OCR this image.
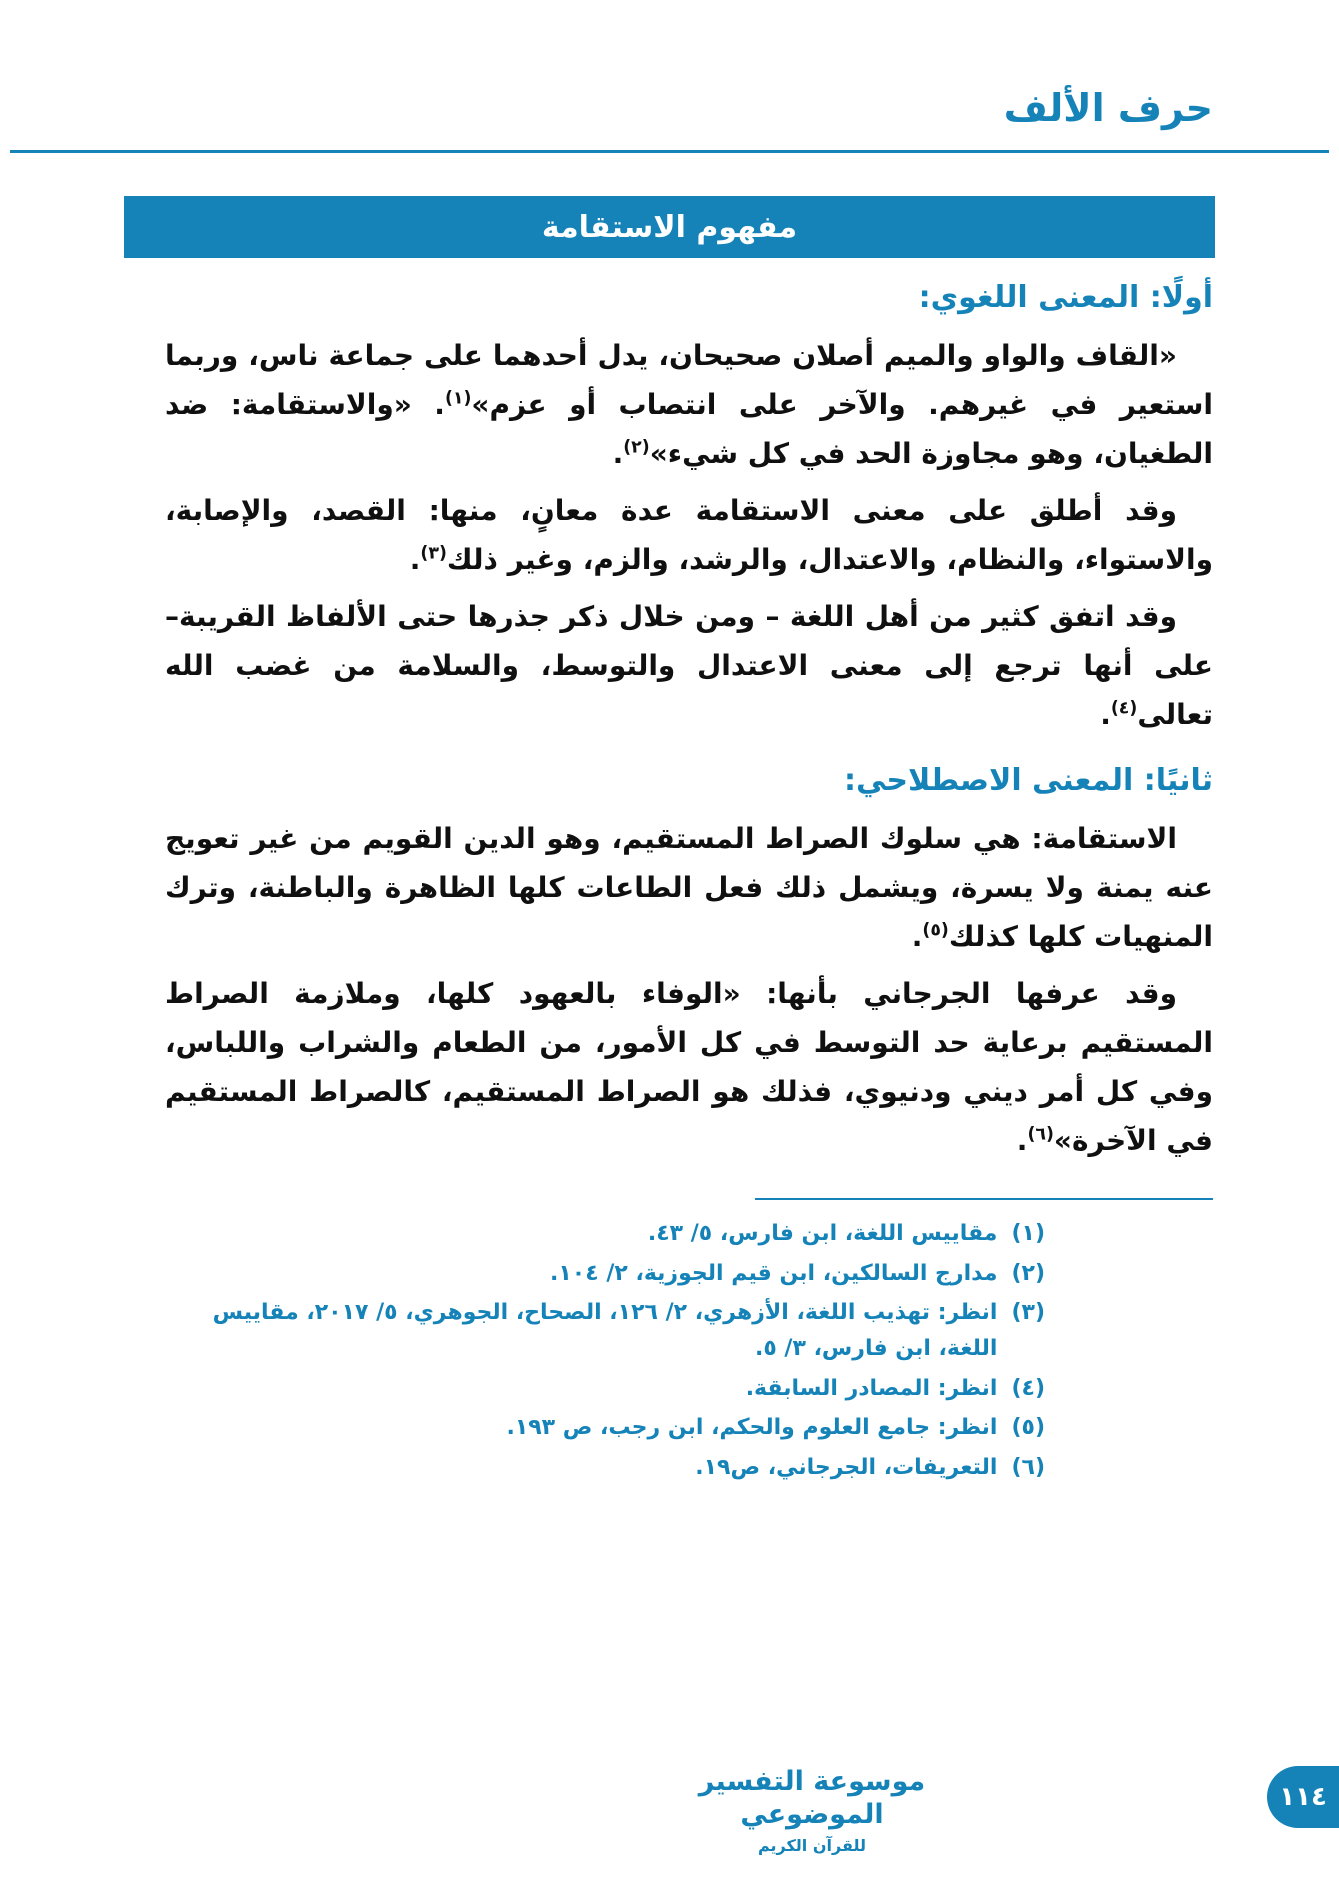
حرف الألف
مفهوم الاستقامة
أولًا: المعنى اللغوي:

«القاف والواو والميم أصلان صحيحان، يدل أحدهما على جماعة ناس، وربما استعير في غيرهم. والآخر على انتصاب أو عزم»$^{(١)}$. «والاستقامة: ضد الطغيان، وهو مجاوزة الحد في كل شيء»$^{(٢)}$.

وقد أطلق على معنى الاستقامة عدة معانٍ، منها: القصد، والإصابة، والاستواء، والنظام، والاعتدال، والرشد، والزم، وغير ذلك$^{(٣)}$.

وقد اتفق كثير من أهل اللغة – ومن خلال ذكر جذرها حتى الألفاظ القريبة– على أنها ترجع إلى معنى الاعتدال والتوسط، والسلامة من غضب الله تعالى$^{(٤)}$.

ثانيًا: المعنى الاصطلاحي:

الاستقامة: هي سلوك الصراط المستقيم، وهو الدين القويم من غير تعويج عنه يمنة ولا يسرة، ويشمل ذلك فعل الطاعات كلها الظاهرة والباطنة، وترك المنهيات كلها كذلك$^{(٥)}$.

وقد عرفها الجرجاني بأنها: «الوفاء بالعهود كلها، وملازمة الصراط المستقيم برعاية حد التوسط في كل الأمور، من الطعام والشراب واللباس، وفي كل أمر ديني ودنيوي، فذلك هو الصراط المستقيم، كالصراط المستقيم في الآخرة»$^{(٦)}$.

(١)
مقاييس اللغة، ابن فارس، ٥/ ٤٣.
(٢)
مدارج السالكين، ابن قيم الجوزية، ٢/ ١٠٤.
(٣)
انظر: تهذيب اللغة، الأزهري، ٢/ ١٢٦، الصحاح، الجوهري، ٥/ ٢٠١٧، مقاييس اللغة، ابن فارس، ٣/ ٥.
(٤)
انظر: المصادر السابقة.
(٥)
انظر: جامع العلوم والحكم، ابن رجب، ص ١٩٣.
(٦)
التعريفات، الجرجاني، ص١٩.
موسوعة التفسير الموضوعي
للقرآن الكريم
١١٤
